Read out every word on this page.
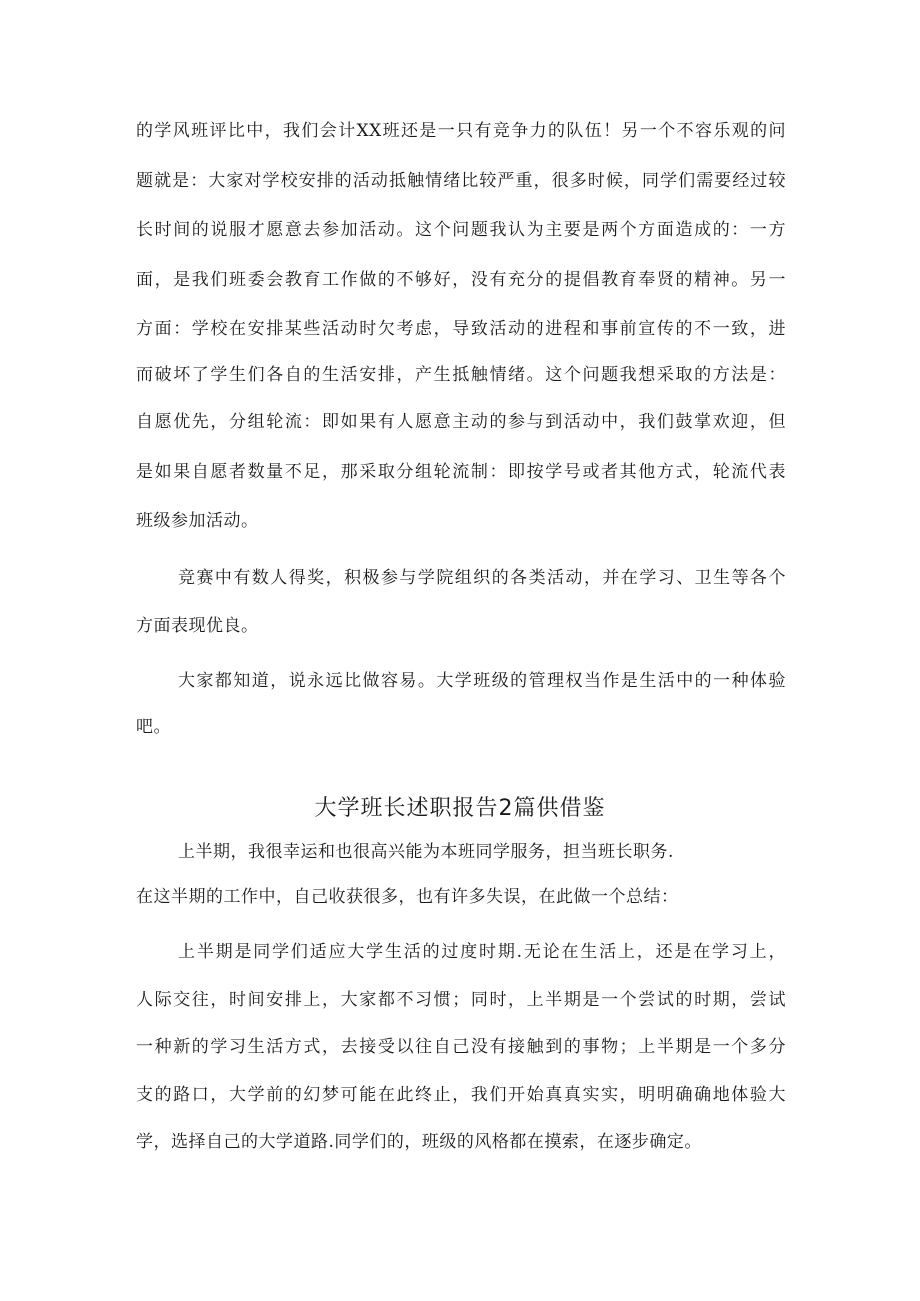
的学风班评比中，我们会计XX班还是一只有竞争力的队伍！另一个不容乐观的问
题就是：大家对学校安排的活动抵触情绪比较严重，很多时候，同学们需要经过较
长时间的说服才愿意去参加活动。这个问题我认为主要是两个方面造成的：一方
面，是我们班委会教育工作做的不够好，没有充分的提倡教育奉贤的精神。另一
方面：学校在安排某些活动时欠考虑，导致活动的进程和事前宣传的不一致，进
而破坏了学生们各自的生活安排，产生抵触情绪。这个问题我想采取的方法是：
自愿优先，分组轮流：即如果有人愿意主动的参与到活动中，我们鼓掌欢迎，但
是如果自愿者数量不足，那采取分组轮流制：即按学号或者其他方式，轮流代表
班级参加活动。
竞赛中有数人得奖，积极参与学院组织的各类活动，并在学习、卫生等各个
方面表现优良。
大家都知道，说永远比做容易。大学班级的管理权当作是生活中的一种体验
吧。
大学班长述职报告2篇供借鉴
上半期，我很幸运和也很高兴能为本班同学服务，担当班长职务.
在这半期的工作中，自己收获很多，也有许多失误，在此做一个总结：
上半期是同学们适应大学生活的过度时期.无论在生活上，还是在学习上，
人际交往，时间安排上，大家都不习惯；同时，上半期是一个尝试的时期，尝试
一种新的学习生活方式，去接受以往自己没有接触到的事物；上半期是一个多分
支的路口，大学前的幻梦可能在此终止，我们开始真真实实，明明确确地体验大
学，选择自己的大学道路.同学们的，班级的风格都在摸索，在逐步确定。
